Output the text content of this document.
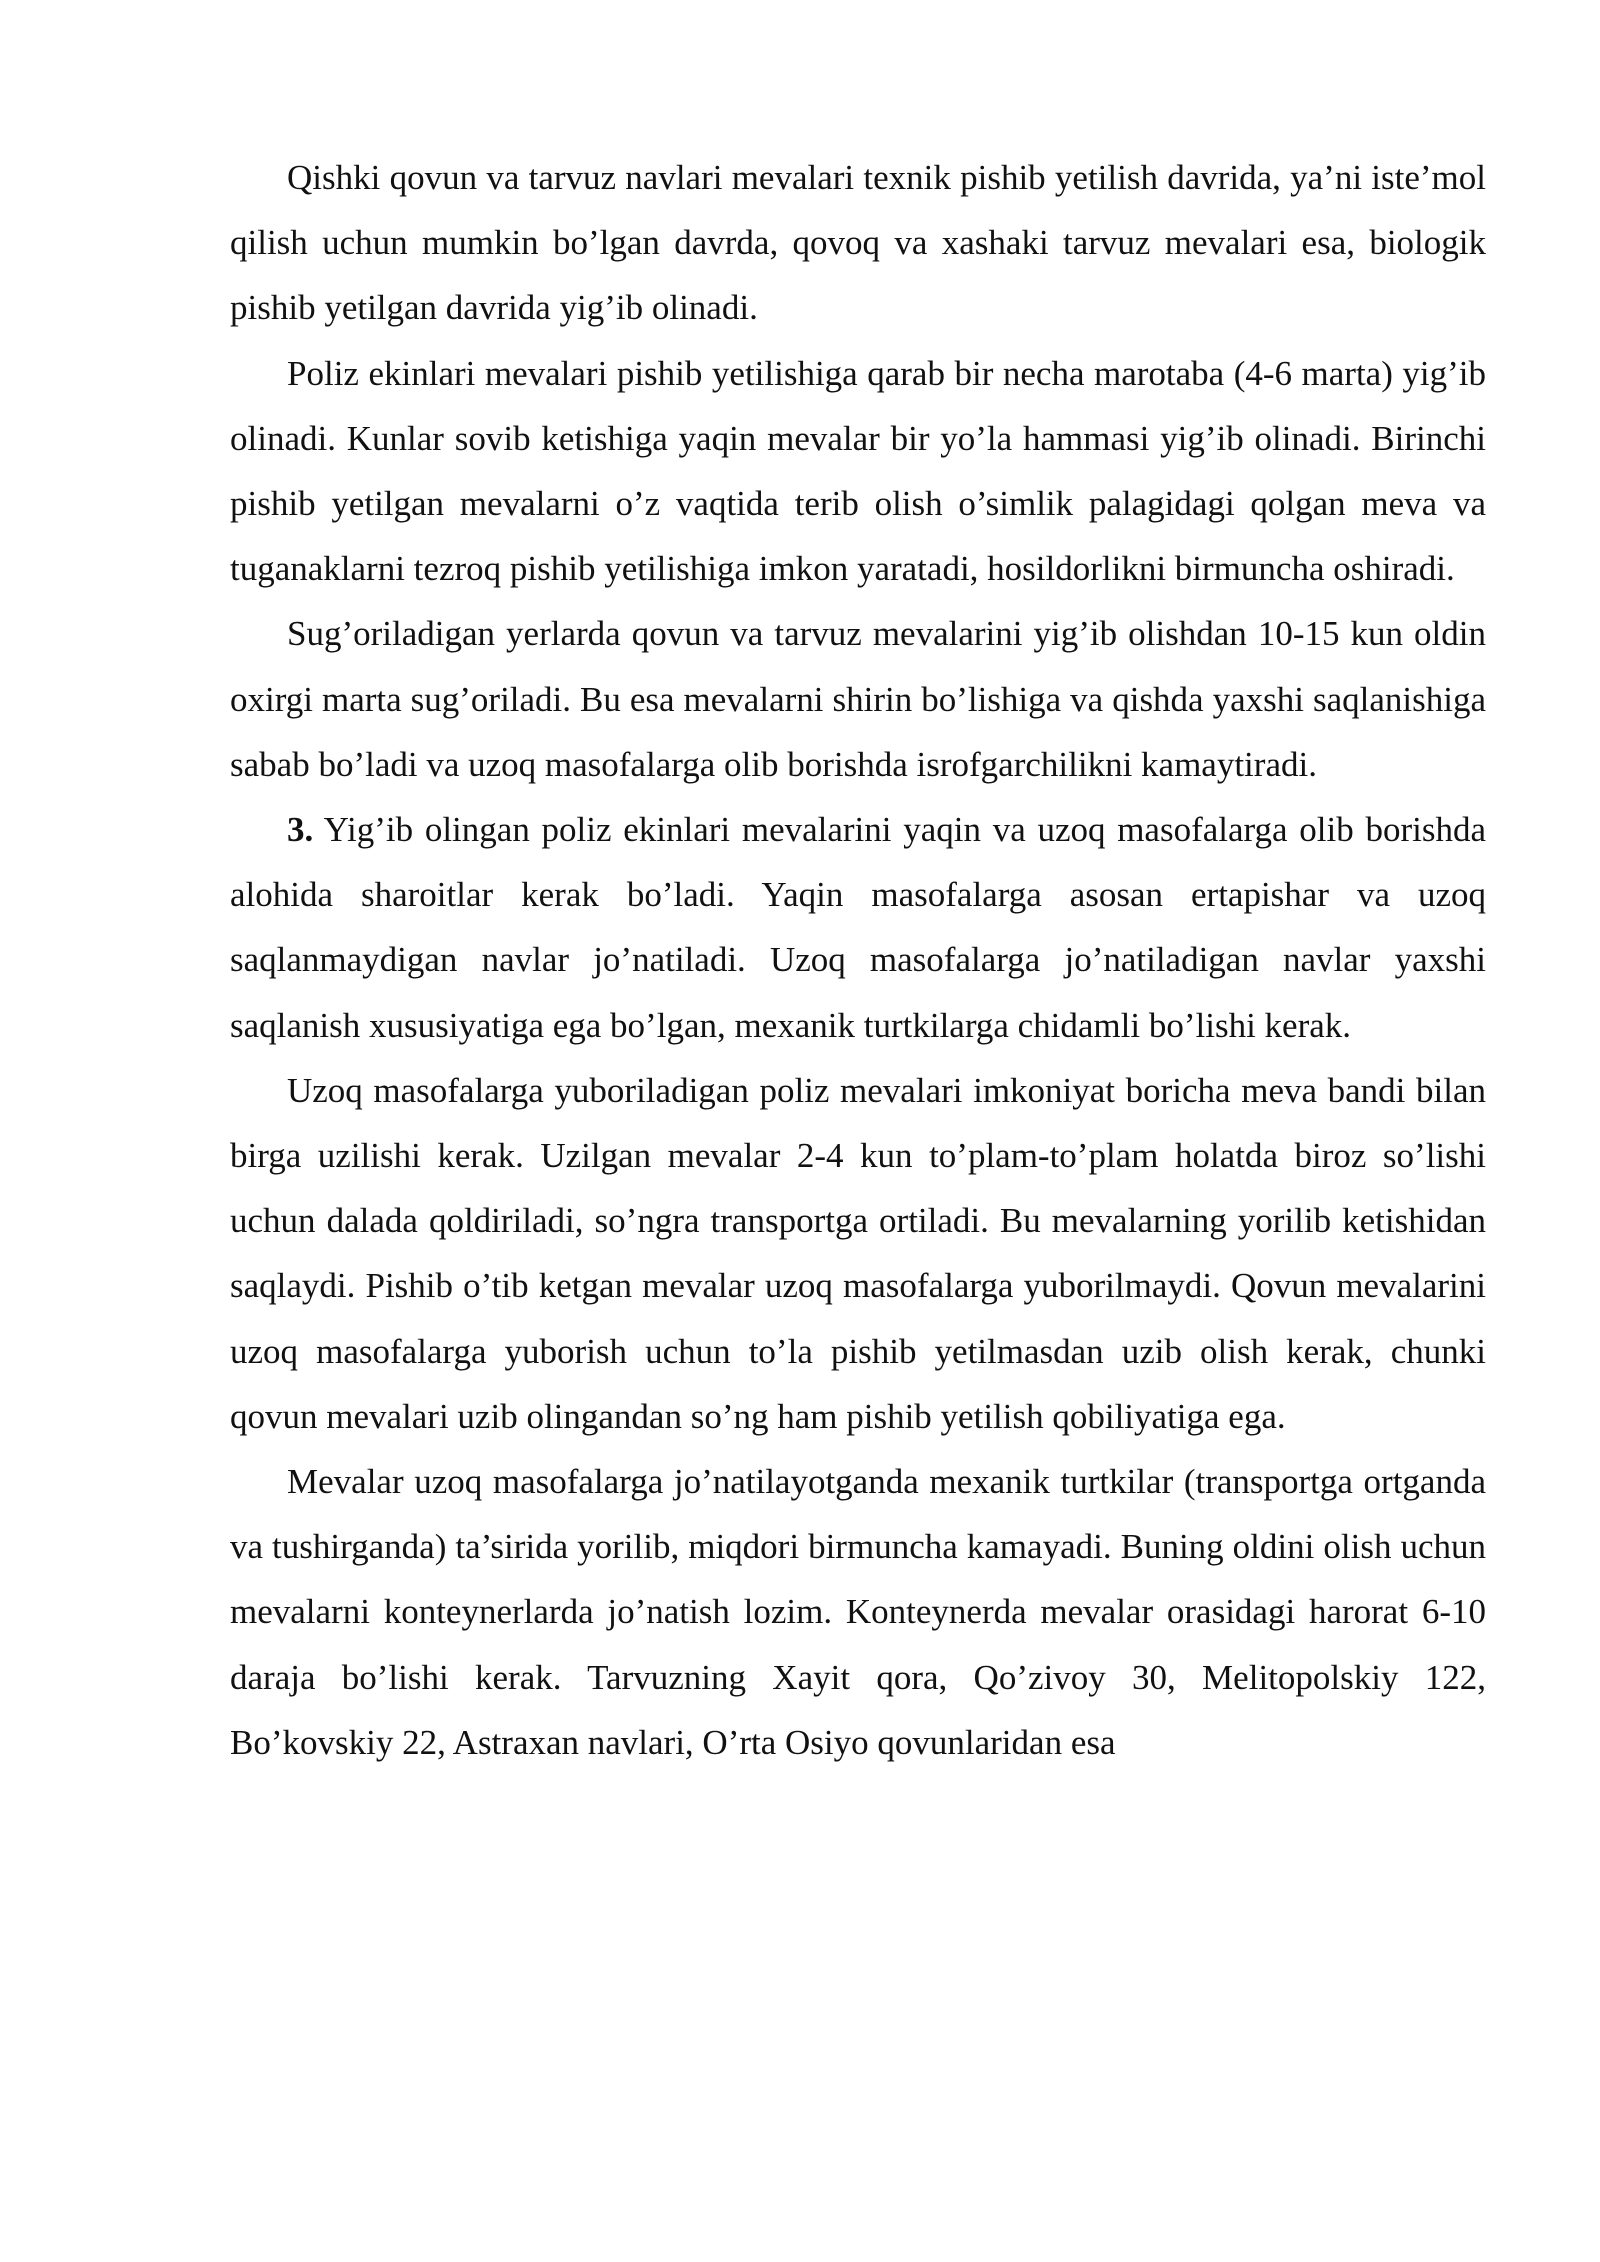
Qishki qovun va tarvuz navlari mevalari texnik pishib yetilish davrida, ya’ni iste’mol qilish uchun mumkin bo’lgan davrda, qovoq va xashaki tarvuz mevalari esa, biologik pishib yetilgan davrida yig’ib olinadi.

Poliz ekinlari mevalari pishib yetilishiga qarab bir necha marotaba (4-6 marta) yig’ib olinadi. Kunlar sovib ketishiga yaqin mevalar bir yo’la hammasi yig’ib olinadi. Birinchi pishib yetilgan mevalarni o’z vaqtida terib olish o’simlik palagidagi qolgan meva va tuganaklarni tezroq pishib yetilishiga imkon yaratadi, hosildorlikni birmuncha oshiradi.

Sug’oriladigan yerlarda qovun va tarvuz mevalarini yig’ib olishdan 10-15 kun oldin oxirgi marta sug’oriladi. Bu esa mevalarni shirin bo’lishiga va qishda yaxshi saqlanishiga sabab bo’ladi va uzoq masofalarga olib borishda isrofgarchilikni kamaytiradi.

3. Yig’ib olingan poliz ekinlari mevalarini yaqin va uzoq masofalarga olib borishda alohida sharoitlar kerak bo’ladi. Yaqin masofalarga asosan ertapishar va uzoq saqlanmaydigan navlar jo’natiladi. Uzoq masofalarga jo’natiladigan navlar yaxshi saqlanish xususiyatiga ega bo’lgan, mexanik turtkilarga chidamli bo’lishi kerak.

Uzoq masofalarga yuboriladigan poliz mevalari imkoniyat boricha meva bandi bilan birga uzilishi kerak. Uzilgan mevalar 2-4 kun to’plam-to’plam holatda biroz so’lishi uchun dalada qoldiriladi, so’ngra transportga ortiladi. Bu mevalarning yorilib ketishidan saqlaydi. Pishib o’tib ketgan mevalar uzoq masofalarga yuborilmaydi. Qovun mevalarini uzoq masofalarga yuborish uchun to’la pishib yetilmasdan uzib olish kerak, chunki qovun mevalari uzib olingandan so’ng ham pishib yetilish qobiliyatiga ega.

Mevalar uzoq masofalarga jo’natilayotganda mexanik turtkilar (transportga ortganda va tushirganda) ta’sirida yorilib, miqdori birmuncha kamayadi. Buning oldini olish uchun mevalarni konteynerlarda jo’natish lozim. Konteynerda mevalar orasidagi harorat 6-10 daraja bo’lishi kerak. Tarvuzning Xayit qora, Qo’zivoy 30, Melitopolskiy 122, Bo’kovskiy 22, Astraxan navlari, O’rta Osiyo qovunlaridan esa
